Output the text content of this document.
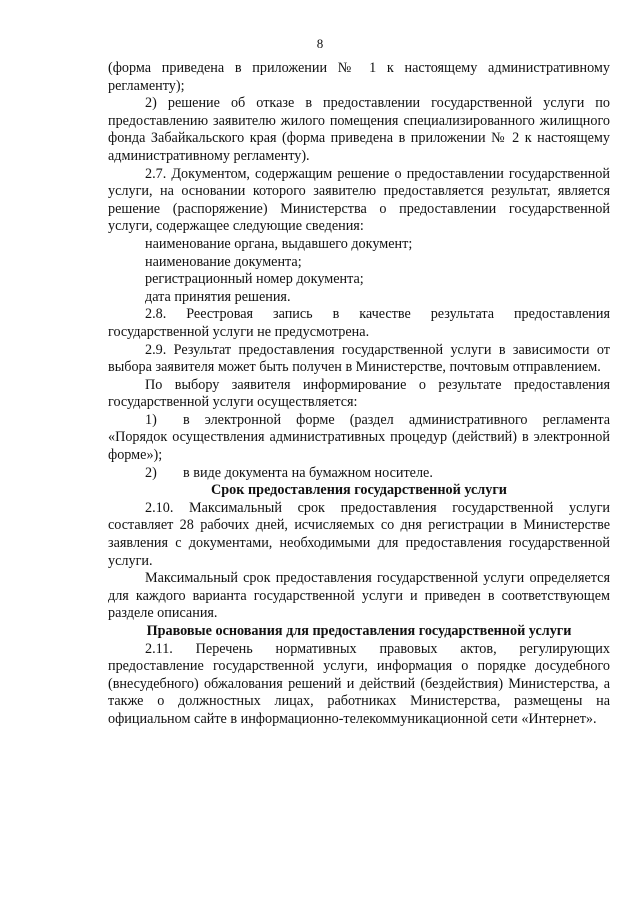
8

(форма приведена в приложении № 1 к настоящему административному регламенту);

2) решение об отказе в предоставлении государственной услуги по предоставлению заявителю жилого помещения специализированного жилищного фонда Забайкальского края (форма приведена в приложении № 2 к настоящему административному регламенту).

2.7. Документом, содержащим решение о предоставлении государственной услуги, на основании которого заявителю предоставляется результат, является решение (распоряжение) Министерства о предоставлении государственной услуги, содержащее следующие сведения:

наименование органа, выдавшего документ;

наименование документа;

регистрационный номер документа;

дата принятия решения.

2.8. Реестровая запись в качестве результата предоставления государственной услуги не предусмотрена.

2.9. Результат предоставления государственной услуги в зависимости от выбора заявителя может быть получен в Министерстве, почтовым отправлением.

По выбору заявителя информирование о результате предоставления государственной услуги осуществляется:

1) в электронной форме (раздел административного регламента «Порядок осуществления административных процедур (действий) в электронной форме»);

2) в виде документа на бумажном носителе.

Срок предоставления государственной услуги

2.10. Максимальный срок предоставления государственной услуги составляет 28 рабочих дней, исчисляемых со дня регистрации в Министерстве заявления с документами, необходимыми для предоставления государственной услуги.

Максимальный срок предоставления государственной услуги определяется для каждого варианта государственной услуги и приведен в соответствующем разделе описания.

Правовые основания для предоставления государственной услуги

2.11. Перечень нормативных правовых актов, регулирующих предоставление государственной услуги, информация о порядке досудебного (внесудебного) обжалования решений и действий (бездействия) Министерства, а также о должностных лицах, работниках Министерства, размещены на официальном сайте в информационно-телекоммуникационной сети «Интернет».
